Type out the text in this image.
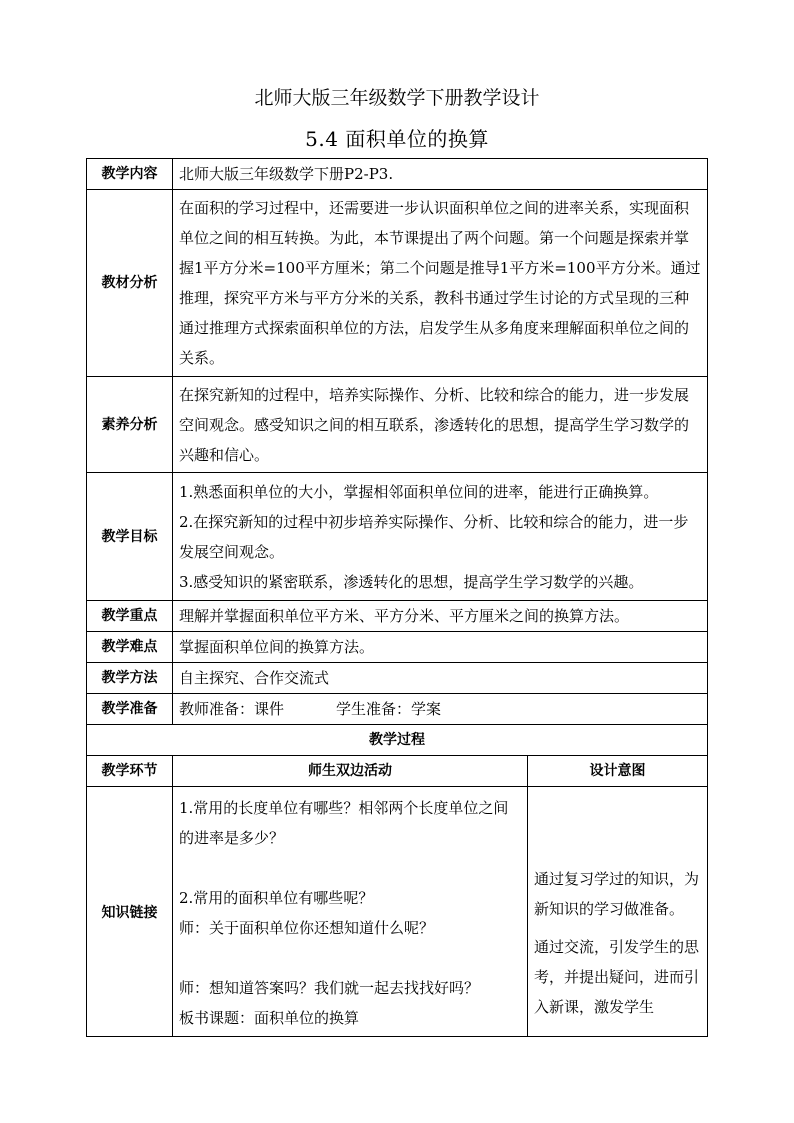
北师大版三年级数学下册教学设计
5.4 面积单位的换算
教学内容	北师大版三年级数学下册P2-P3.	
教材分析	在面积的学习过程中，还需要进一步认识面积单位之间的进率关系，实现面积单位之间的相互转换。为此，本节课提出了两个问题。第一个问题是探索并掌握1平方分米=100平方厘米；第二个问题是推导1平方米=100平方分米。通过推理，探究平方米与平方分米的关系，教科书通过学生讨论的方式呈现的三种通过推理方式探索面积单位的方法，启发学生从多角度来理解面积单位之间的关系。	
素养分析	在探究新知的过程中，培养实际操作、分析、比较和综合的能力，进一步发展空间观念。感受知识之间的相互联系，渗透转化的思想，提高学生学习数学的兴趣和信心。	
教学目标	1.熟悉面积单位的大小，掌握相邻面积单位间的进率，能进行正确换算。
2.在探究新知的过程中初步培养实际操作、分析、比较和综合的能力，进一步发展空间观念。
3.感受知识的紧密联系，渗透转化的思想，提高学生学习数学的兴趣。	

教学重点	理解并掌握面积单位平方米、平方分米、平方厘米之间的换算方法。	
教学难点	掌握面积单位间的换算方法。	
教学方法	自主探究、合作交流式	
教学准备	教师准备：课件 学生准备：学案	
教学过程		
教学环节	师生双边活动	设计意图
知识链接	1.常用的长度单位有哪些？相邻两个长度单位之间的进率是多少？
2.常用的面积单位有哪些呢？
师：关于面积单位你还想知道什么呢？
师：想知道答案吗？我们就一起去找找好吗？
板书课题：面积单位的换算	通过复习学过的知识，为新知识的学习做准备。
通过交流，引发学生的思考，并提出疑问，进而引入新课，激发学生
